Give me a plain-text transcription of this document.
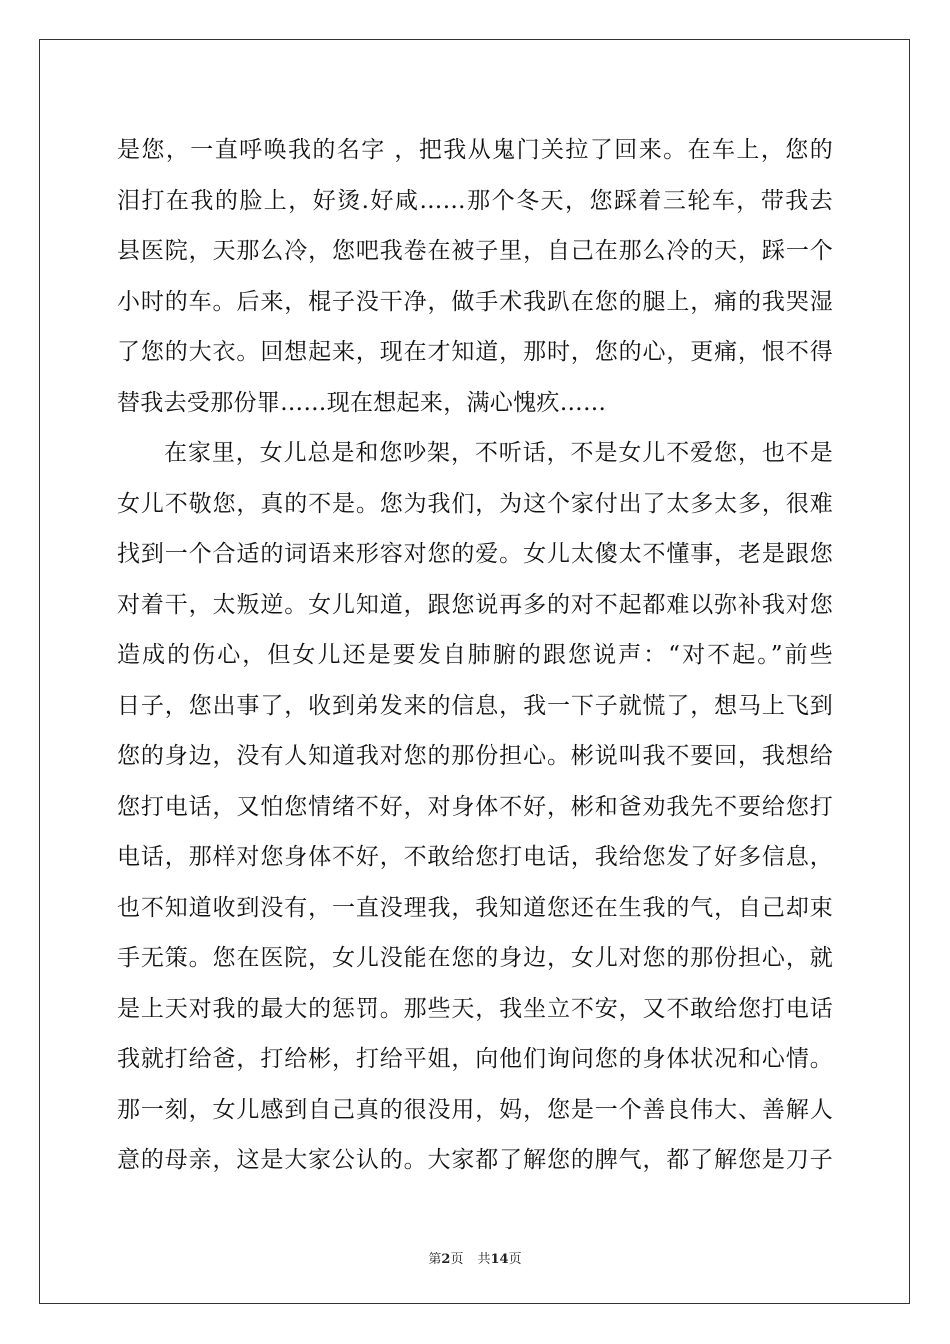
是您，一直呼唤我的名字 ，把我从鬼门关拉了回来。在车上，您的
泪打在我的脸上，好烫.好咸……那个冬天，您踩着三轮车，带我去
县医院，天那么冷，您吧我卷在被子里，自己在那么冷的天，踩一个
小时的车。后来，棍子没干净，做手术我趴在您的腿上，痛的我哭湿
了您的大衣。回想起来，现在才知道，那时，您的心，更痛，恨不得
替我去受那份罪……现在想起来，满心愧疚……
在家里，女儿总是和您吵架，不听话，不是女儿不爱您，也不是
女儿不敬您，真的不是。您为我们，为这个家付出了太多太多，很难
找到一个合适的词语来形容对您的爱。女儿太傻太不懂事，老是跟您
对着干，太叛逆。女儿知道，跟您说再多的对不起都难以弥补我对您
造成的伤心，但女儿还是要发自肺腑的跟您说声：“对不起。”前些
日子，您出事了，收到弟发来的信息，我一下子就慌了，想马上飞到
您的身边，没有人知道我对您的那份担心。彬说叫我不要回，我想给
您打电话，又怕您情绪不好，对身体不好，彬和爸劝我先不要给您打
电话，那样对您身体不好，不敢给您打电话，我给您发了好多信息，
也不知道收到没有，一直没理我，我知道您还在生我的气，自己却束
手无策。您在医院，女儿没能在您的身边，女儿对您的那份担心，就
是上天对我的最大的惩罚。那些天，我坐立不安，又不敢给您打电话
我就打给爸，打给彬，打给平姐，向他们询问您的身体状况和心情。
那一刻，女儿感到自己真的很没用，妈，您是一个善良伟大、善解人
意的母亲，这是大家公认的。大家都了解您的脾气，都了解您是刀子
第2页 共14页
